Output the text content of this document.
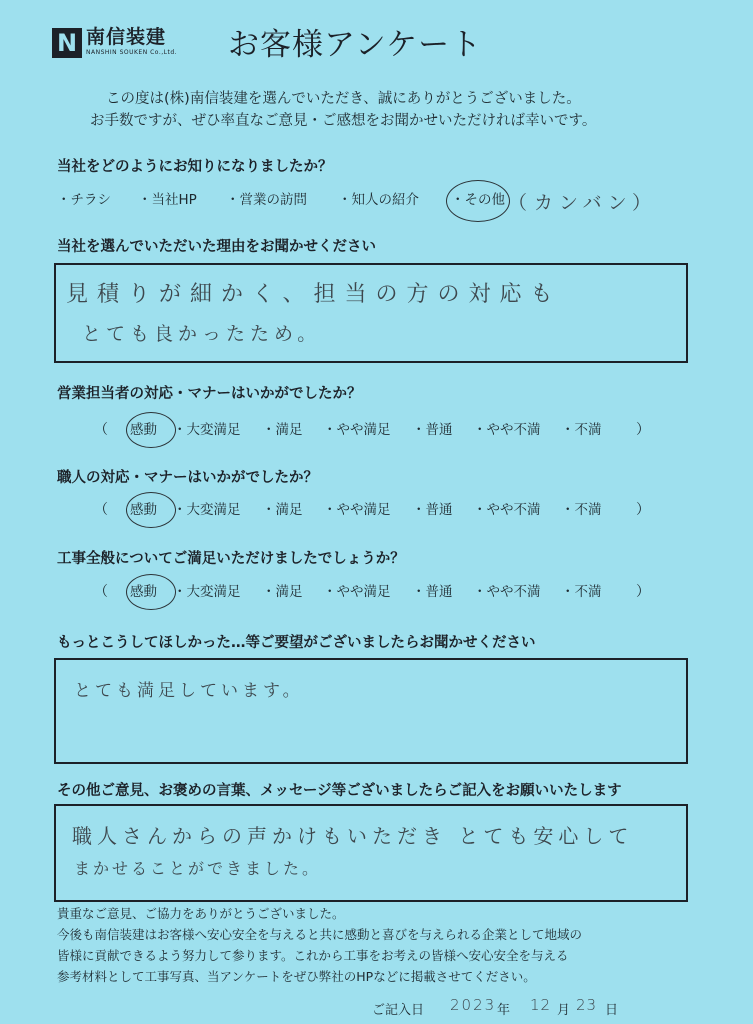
N 南信装建
NANSHIN SOUKEN Co.,Ltd. お客様アンケート
この度は(株)南信装建を選んでいただき、誠にありがとうございました。
お手数ですが、ぜひ率直なご意見・ご感想をお聞かせいただければ幸いです。
当社をどのようにお知りになりましたか？
・チラシ ・当社HP ・営業の訪問 ・知人の紹介 ・その他 （ カンバン ）
当社を選んでいただいた理由をお聞かせください
見積りが細かく、担当の方の対応も
とても良かったため。
営業担当者の対応・マナーはいかがでしたか？
（ 感動 ・大変満足 ・満足 ・やや満足 ・普通 ・やや不満 ・不満 ）
職人の対応・マナーはいかがでしたか？
（ 感動 ・大変満足 ・満足 ・やや満足 ・普通 ・やや不満 ・不満 ）
工事全般についてご満足いただけましたでしょうか？
（ 感動 ・大変満足 ・満足 ・やや満足 ・普通 ・やや不満 ・不満 ）
もっとこうしてほしかった…等ご要望がございましたらお聞かせください
とても満足しています。
その他ご意見、お褒めの言葉、メッセージ等ございましたらご記入をお願いいたします
職人さんからの声かけもいただき とても安心して
まかせることができました。
貴重なご意見、ご協力をありがとうございました。
今後も南信装建はお客様へ安心安全を与えると共に感動と喜びを与えられる企業として地域の
皆様に貢献できるよう努力して参ります。これから工事をお考えの皆様へ安心安全を与える
参考材料として工事写真、当アンケートをぜひ弊社のHPなどに掲載させてください。
ご記入日 2023 年 12 月 23 日
